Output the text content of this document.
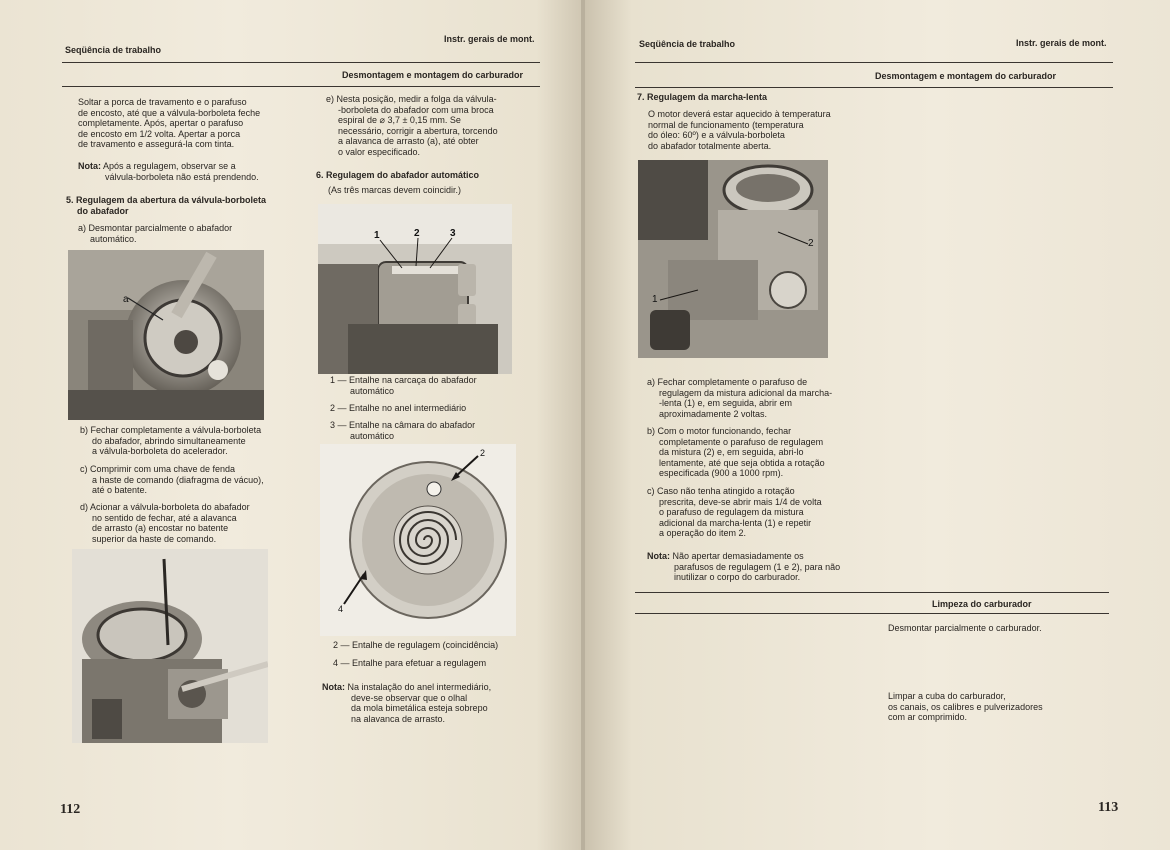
Seqüência de trabalho
Instr. gerais de mont.
Desmontagem e montagem do carburador
Soltar a porca de travamento e o parafuso
de encosto, até que a válvula-borboleta feche
completamente. Após, apertar o parafuso
de encosto em 1/2 volta. Apertar a porca
de travamento e assegurá-la com tinta.
Nota: Após a regulagem, observar se a
válvula-borboleta não está prendendo.
5. Regulagem da abertura da válvula-borboleta
do abafador
a) Desmontar parcialmente o abafador
automático.
a
b) Fechar completamente a válvula-borboleta
do abafador, abrindo simultaneamente
a válvula-borboleta do acelerador.
c) Comprimir com uma chave de fenda
a haste de comando (diafragma de vácuo),
até o batente.
d) Acionar a válvula-borboleta do abafador
no sentido de fechar, até a alavanca
de arrasto (a) encostar no batente
superior da haste de comando.
e) Nesta posição, medir a folga da válvula-
-borboleta do abafador com uma broca
espiral de ⌀ 3,7 ± 0,15 mm. Se
necessário, corrigir a abertura, torcendo
a alavanca de arrasto (a), até obter
o valor especificado.
6. Regulagem do abafador automático
(As três marcas devem coincidir.)
1	2	3
1 — Entalhe na carcaça do abafador
automático
2 — Entalhe no anel intermediário
3 — Entalhe na câmara do abafador
automático
2
4
2 — Entalhe de regulagem (coincidência)
4 — Entalhe para efetuar a regulagem
Nota: Na instalação do anel intermediário,
deve-se observar que o olhal
da mola bimetálica esteja sobrepo
na alavanca de arrasto.
112
Seqüência de trabalho	Instr. gerais de mont.
Desmontagem e montagem do carburador
7. Regulagem da marcha-lenta
O motor deverá estar aquecido à temperatura
normal de funcionamento (temperatura
do óleo: 60º) e a válvula-borboleta
do abafador totalmente aberta.
2
1
a) Fechar completamente o parafuso de
regulagem da mistura adicional da marcha-
-lenta (1) e, em seguida, abrir em
aproximadamente 2 voltas.
b) Com o motor funcionando, fechar
completamente o parafuso de regulagem
da mistura (2) e, em seguida, abri-lo
lentamente, até que seja obtida a rotação
especificada (900 a 1000 rpm).
c) Caso não tenha atingido a rotação
prescrita, deve-se abrir mais 1/4 de volta
o parafuso de regulagem da mistura
adicional da marcha-lenta (1) e repetir
a operação do item 2.
Nota: Não apertar demasiadamente os
parafusos de regulagem (1 e 2), para não
inutilizar o corpo do carburador.
Limpeza do carburador
Desmontar parcialmente o carburador.
Limpar a cuba do carburador,
os canais, os calibres e pulverizadores
com ar comprimido.
113
